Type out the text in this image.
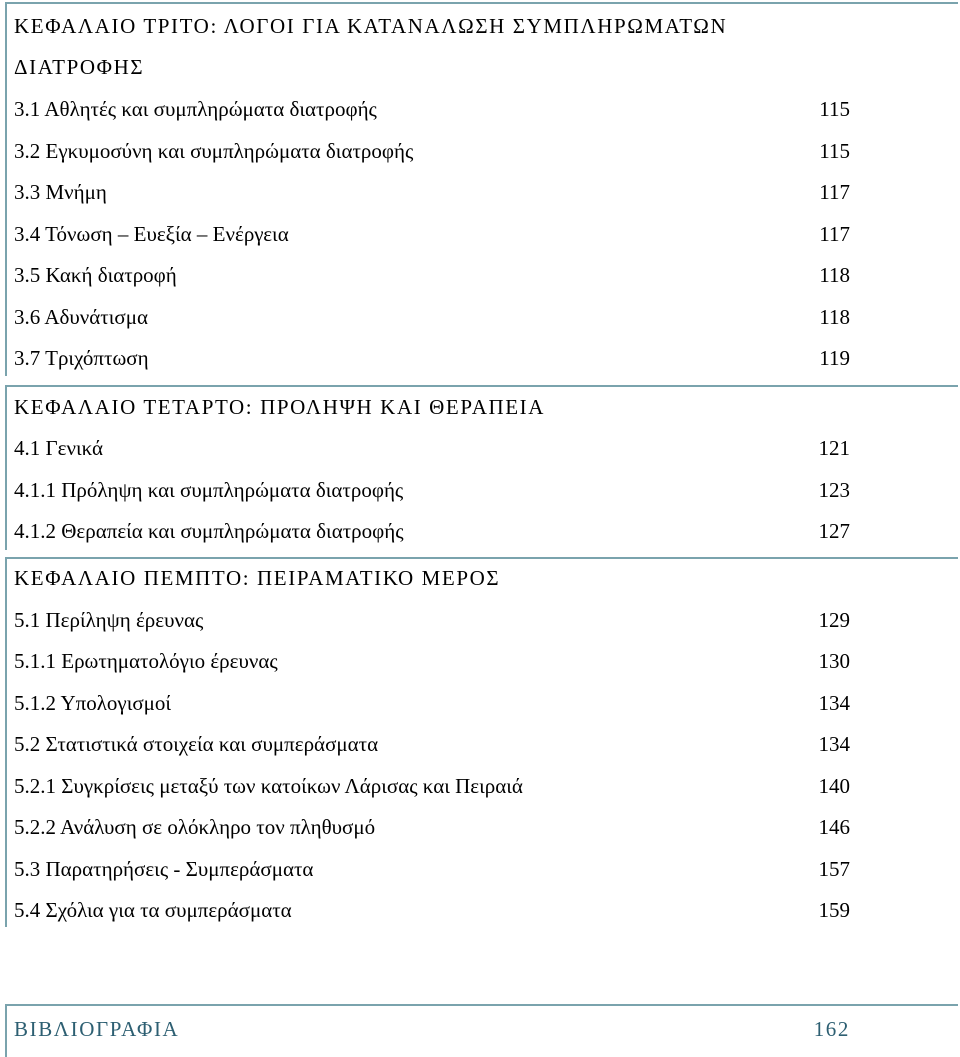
ΚΕΦΑΛΑΙΟ ΤΡΙΤΟ: ΛΟΓΟΙ ΓΙΑ ΚΑΤΑΝΑΛΩΣΗ ΣΥΜΠΛΗΡΩΜΑΤΩΝ
ΔΙΑΤΡΟΦΗΣ
3.1 Αθλητές και συμπληρώματα διατροφής	115
3.2 Εγκυμοσύνη και συμπληρώματα διατροφής	115
3.3 Μνήμη	117
3.4 Τόνωση – Ευεξία – Ενέργεια	117
3.5 Κακή διατροφή	118
3.6 Αδυνάτισμα	118
3.7 Τριχόπτωση	119
ΚΕΦΑΛΑΙΟ ΤΕΤΑΡΤΟ: ΠΡΟΛΗΨΗ ΚΑΙ ΘΕΡΑΠΕΙΑ
4.1 Γενικά	121
4.1.1 Πρόληψη και συμπληρώματα διατροφής	123
4.1.2 Θεραπεία και συμπληρώματα διατροφής	127
ΚΕΦΑΛΑΙΟ ΠΕΜΠΤΟ: ΠΕΙΡΑΜΑΤΙΚΟ ΜΕΡΟΣ
5.1 Περίληψη έρευνας	129
5.1.1 Ερωτηματολόγιο έρευνας	130
5.1.2 Υπολογισμοί	134
5.2 Στατιστικά στοιχεία και συμπεράσματα	134
5.2.1 Συγκρίσεις μεταξύ των κατοίκων Λάρισας και Πειραιά	140
5.2.2 Ανάλυση σε ολόκληρο τον πληθυσμό	146
5.3 Παρατηρήσεις - Συμπεράσματα	157
5.4 Σχόλια για τα συμπεράσματα	159
ΒΙΒΛΙΟΓΡΑΦΙΑ	162
